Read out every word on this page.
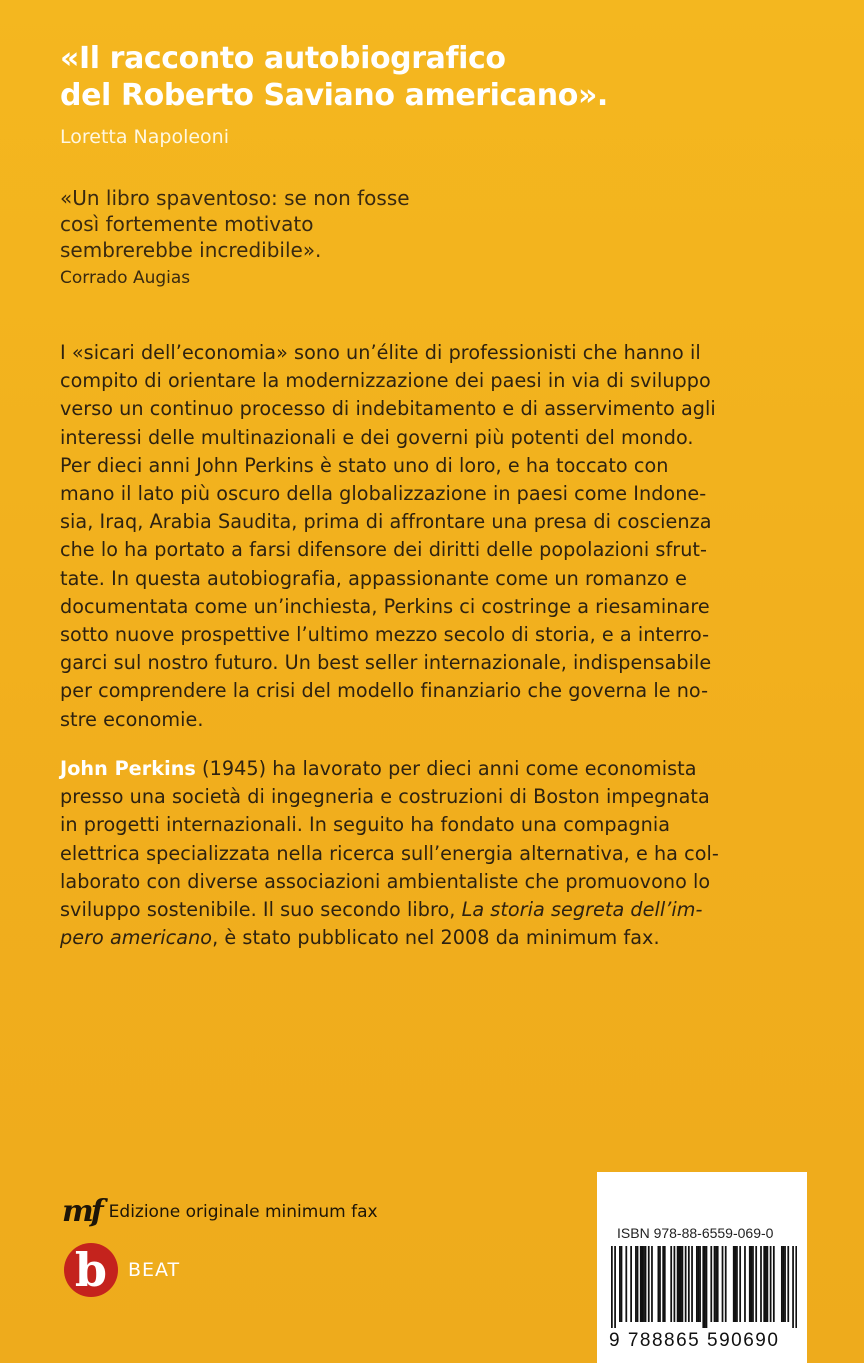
«Il racconto autobiografico
del Roberto Saviano americano».
Loretta Napoleoni
«Un libro spaventoso: se non fosse
così fortemente motivato
sembrerebbe incredibile».
Corrado Augias
I «sicari dell’economia» sono un’élite di professionisti che hanno il
compito di orientare la modernizzazione dei paesi in via di sviluppo
verso un continuo processo di indebitamento e di asservimento agli
interessi delle multinazionali e dei governi più potenti del mondo.
Per dieci anni John Perkins è stato uno di loro, e ha toccato con
mano il lato più oscuro della globalizzazione in paesi come Indone-
sia, Iraq, Arabia Saudita, prima di affrontare una presa di coscienza
che lo ha portato a farsi difensore dei diritti delle popolazioni sfrut-
tate. In questa autobiografia, appassionante come un romanzo e
documentata come un’inchiesta, Perkins ci costringe a riesaminare
sotto nuove prospettive l’ultimo mezzo secolo di storia, e a interro-
garci sul nostro futuro. Un best seller internazionale, indispensabile
per comprendere la crisi del modello finanziario che governa le no-
stre economie.
John Perkins (1945) ha lavorato per dieci anni come economista
presso una società di ingegneria e costruzioni di Boston impegnata
in progetti internazionali. In seguito ha fondato una compagnia
elettrica specializzata nella ricerca sull’energia alternativa, e ha col-
laborato con diverse associazioni ambientaliste che promuovono lo
sviluppo sostenibile. Il suo secondo libro, La storia segreta dell’im-
pero americano, è stato pubblicato nel 2008 da minimum fax.
mf Edizione originale minimum fax
b	BEAT
ISBN 978-88-6559-069-0
9 788865 590690
